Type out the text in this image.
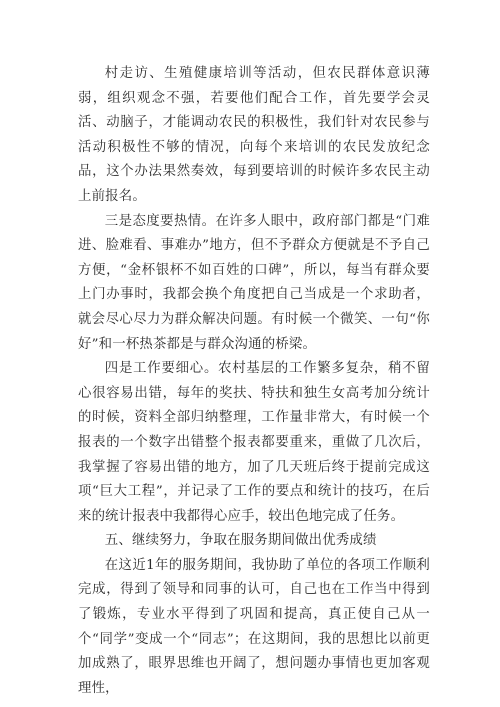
村走访、生殖健康培训等活动，但农民群体意识薄弱，组织观念不强，若要他们配合工作，首先要学会灵活、动脑子，才能调动农民的积极性，我们针对农民参与活动积极性不够的情况，向每个来培训的农民发放纪念品，这个办法果然奏效，每到要培训的时候许多农民主动上前报名。

三是态度要热情。在许多人眼中，政府部门都是“门难进、脸难看、事难办”地方，但不予群众方便就是不予自己方便，“金杯银杯不如百姓的口碑”，所以，每当有群众要上门办事时，我都会换个角度把自己当成是一个求助者，就会尽心尽力为群众解决问题。有时候一个微笑、一句“你好”和一杯热茶都是与群众沟通的桥梁。

四是工作要细心。农村基层的工作繁多复杂，稍不留心很容易出错，每年的奖扶、特扶和独生女高考加分统计的时候，资料全部归纳整理，工作量非常大，有时候一个报表的一个数字出错整个报表都要重来，重做了几次后，我掌握了容易出错的地方，加了几天班后终于提前完成这项“巨大工程”，并记录了工作的要点和统计的技巧，在后来的统计报表中我都得心应手，较出色地完成了任务。

五、继续努力，争取在服务期间做出优秀成绩

在这近1年的服务期间，我协助了单位的各项工作顺利完成，得到了领导和同事的认可，自己也在工作当中得到了锻炼，专业水平得到了巩固和提高，真正使自己从一个“同学”变成一个“同志”；在这期间，我的思想比以前更加成熟了，眼界思维也开阔了，想问题办事情也更加客观理性，
